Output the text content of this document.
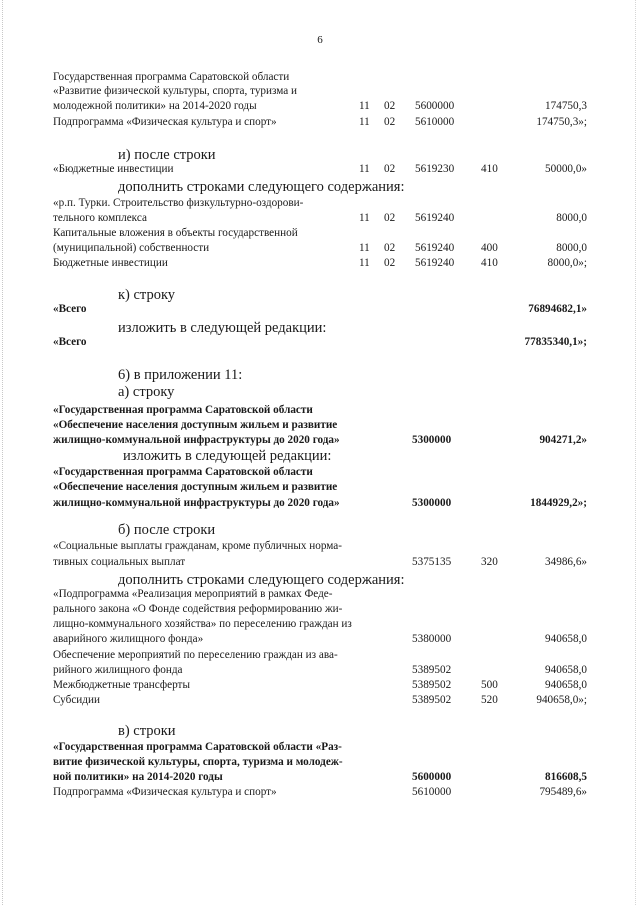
6
Государственная программа Саратовской области
«Развитие физической культуры, спорта, туризма и
молодежной политики» на 2014-2020 годы	11 02 5600000	174750,3
Подпрограмма «Физическая культура и спорт»	11 02 5610000	174750,3»;
и) после строки
«Бюджетные инвестиции	11 02 5619230 410	50000,0»
дополнить строками следующего содержания:
«р.п. Турки. Строительство физкультурно-оздорови-
тельного комплекса	11 02 5619240	8000,0
Капитальные вложения в объекты государственной
(муниципальной) собственности	11 02 5619240 400	8000,0
Бюджетные инвестиции	11 02 5619240 410	8000,0»;
к) строку
«Всего	76894682,1»
изложить в следующей редакции:
«Всего	77835340,1»;
6) в приложении 11:
а) строку
«Государственная программа Саратовской области
«Обеспечение населения доступным жильем и развитие
жилищно-коммунальной инфраструктуры до 2020 года»	5300000	904271,2»
изложить в следующей редакции:
«Государственная программа Саратовской области
«Обеспечение населения доступным жильем и развитие
жилищно-коммунальной инфраструктуры до 2020 года»	5300000	1844929,2»;
б) после строки
«Социальные выплаты гражданам, кроме публичных норма-
тивных социальных выплат	5375135	320	34986,6»
дополнить строками следующего содержания:
«Подпрограмма «Реализация мероприятий в рамках Феде-
рального закона «О Фонде содействия реформированию жи-
лищно-коммунального хозяйства» по переселению граждан из
аварийного жилищного фонда»	5380000	940658,0
Обеспечение мероприятий по переселению граждан из ава-
рийного жилищного фонда	5389502	940658,0
Межбюджетные трансферты	5389502	500	940658,0
Субсидии	5389502	520	940658,0»;
в) строки
«Государственная программа Саратовской области «Раз-
витие физической культуры, спорта, туризма и молодеж-
ной политики» на 2014-2020 годы	5600000	816608,5
Подпрограмма «Физическая культура и спорт»	5610000	795489,6»
